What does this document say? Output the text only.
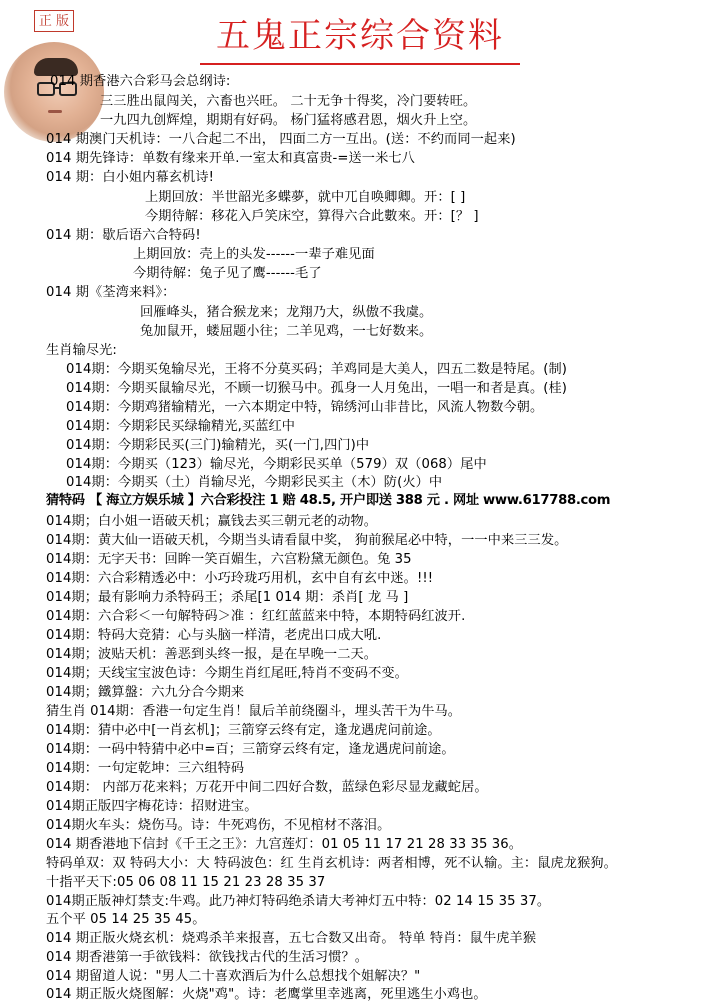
正 版	五鬼正宗综合资料
014 期香港六合彩马会总纲诗:
三三胜出鼠闯关，六畜也兴旺。 二十无争十得奖，冷门要转旺。
一九四九创辉煌，期期有好码。 杨门猛将感君恩，烟火升上空。
014 期澳门天机诗：一八合起二不出， 四面二方一互出。(送：不约而同一起来)
014 期先锋诗：单数有缘来开单.一室太和真富贵-=送一米七八
014 期：白小姐内幕玄机诗!
上期回放：半世韶光多蝶夢，就中兀自唤卿卿。开：[ ]
今期待解：移花入戶笑床空，算得六合此數來。开：[？ ]
014 期：歇后语六合特码!
上期回放：壳上的头发------一辈子难见面
今期待解：兔子见了鹰------毛了
014 期《荃湾来料》：
回雁峰头，猪合猴龙来；龙翔乃大，纵傲不我虞。
兔加鼠开，蝼屈题小往；二羊见鸡，一七好数来。
生肖输尽光:
014期：今期买兔输尽光，王将不分莫买码；羊鸡同是大美人，四五二数是特尾。(制)
014期：今期买鼠输尽光，不顾一切猴马中。孤身一人月兔出，一唱一和者是真。(桂)
014期：今期鸡猪输精光，一六本期定中特，锦绣河山非昔比，风流人物数今朝。
014期：今期彩民买绿输精光,买蓝红中
014期：今期彩民买(三门)输精光，买(一门,四门)中
014期：今期买（123）输尽光，今期彩民买单（579）双（068）尾中
014期：今期买（土）肖输尽光，今期彩民买主（木）防(火）中
猜特码 【 海立方娱乐城 】六合彩投注 1 赔 48.5, 开户即送 388 元 . 网址 www.617788.com
014期；白小姐一语破天机；赢钱去买三朝元老的动物。
014期：黄大仙一语破天机，今期当头请看鼠中奖， 狗前猴尾必中特，一一中来三三发。
014期：无字天书：回眸一笑百媚生，六宫粉黛无颜色。兔 35
014期：六合彩精透必中：小巧玲珑巧用机，玄中自有玄中迷。!!!
014期；最有影响力杀特码王；杀尾[1 014 期：杀肖[ 龙 马 ]
014期：六合彩＜一句解特码＞准 ：红红蓝蓝来中特，本期特码红波开.
014期：特码大竞猜：心与头脑一样清，老虎出口成大吼.
014期；波贴天机：善恶到头终一报，是在早晚一二天。
014期；天线宝宝波色诗：今期生肖红尾旺,特肖不变码不变。
014期；鐵算盤：六九分合今期来
猜生肖 014期：香港一句定生肖！鼠后羊前绕圈斗，埋头苦干为牛马。
014期：猜中必中[一肖玄机]；三箭穿云终有定，逢龙遇虎问前途。
014期：一码中特猜中必中=百；三箭穿云终有定，逢龙遇虎问前途。
014期：一句定乾坤：三六组特码
014期： 内部万花来料；万花开中间二四好合数，蓝绿色彩尽显龙藏蛇居。
014期正版四字梅花诗：招财进宝。
014期火车头：烧伤马。诗：牛死鸡伤，不见棺材不落泪。
014 期香港地下信封《千王之王》：九宫莲灯：01 05 11 17 21 28 33 35 36。
特码单双：双 特码大小：大 特码波色：红 生肖玄机诗：两者相博，死不认输。主：鼠虎龙猴狗。
十指平天下:05 06 08 11 15 21 23 28 35 37
014期正版神灯禁支:牛鸡。此乃神灯特码绝杀请大考神灯五中特：02 14 15 35 37。
五个平 05 14 25 35 45。
014 期正版火烧玄机：烧鸡杀羊来报喜，五七合数又出奇。 特单 特肖：鼠牛虎羊猴
014 期香港第一手欲钱料：欲钱找古代的生活习惯？。
014 期留道人说："男人二十喜欢酒后为什么总想找个姐解决？"
014 期正版火烧图解：火烧"鸡"。诗：老鹰掌里幸逃离，死里逃生小鸡也。
